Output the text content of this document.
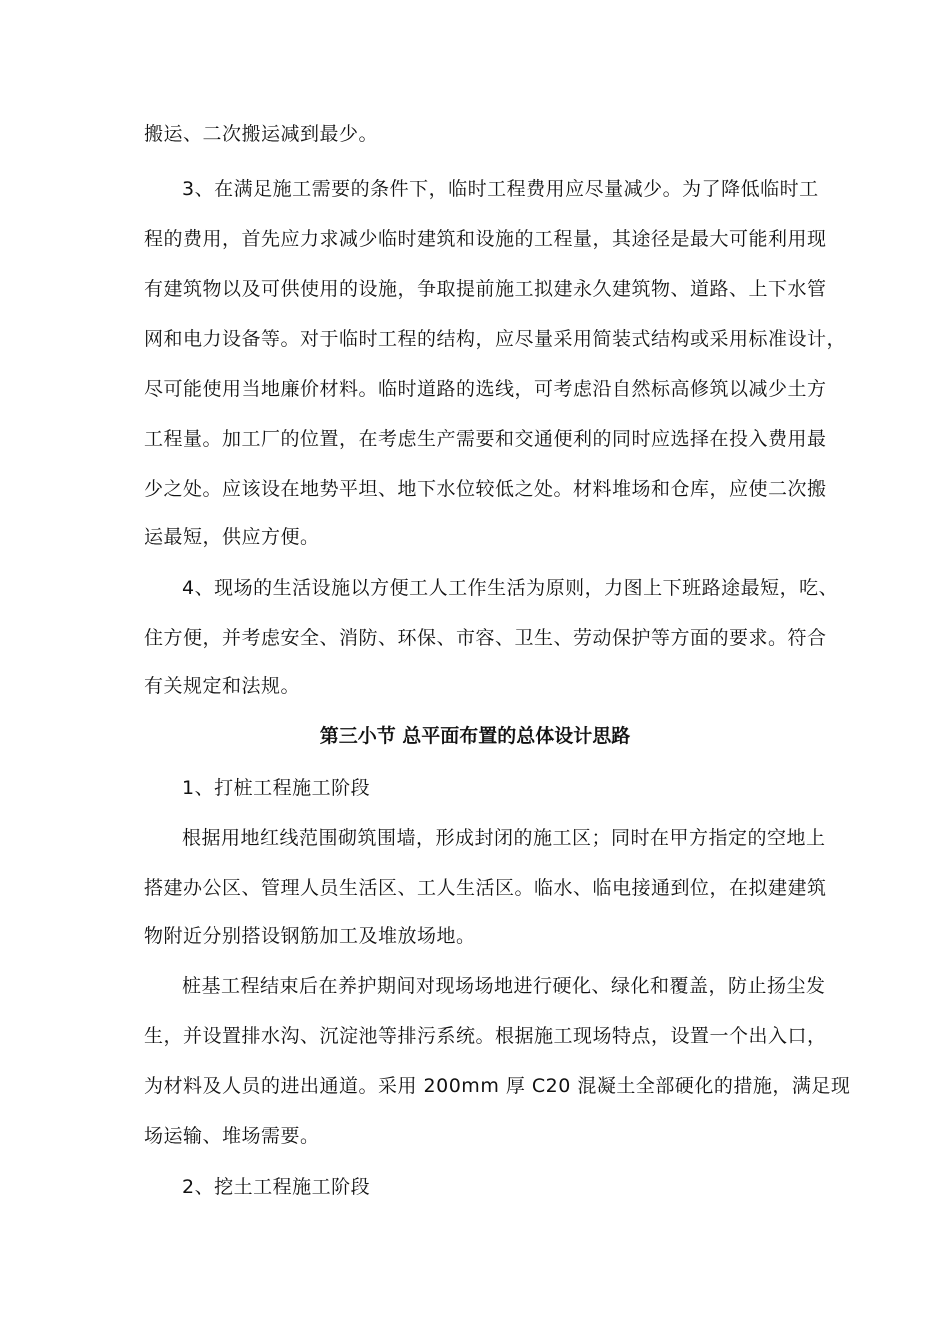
搬运、二次搬运减到最少。
3、在满足施工需要的条件下，临时工程费用应尽量减少。为了降低临时工
程的费用，首先应力求减少临时建筑和设施的工程量，其途径是最大可能利用现
有建筑物以及可供使用的设施，争取提前施工拟建永久建筑物、道路、上下水管
网和电力设备等。对于临时工程的结构，应尽量采用简装式结构或采用标准设计，
尽可能使用当地廉价材料。临时道路的选线，可考虑沿自然标高修筑以减少土方
工程量。加工厂的位置，在考虑生产需要和交通便利的同时应选择在投入费用最
少之处。应该设在地势平坦、地下水位较低之处。材料堆场和仓库，应使二次搬
运最短，供应方便。
4、现场的生活设施以方便工人工作生活为原则，力图上下班路途最短，吃、
住方便，并考虑安全、消防、环保、市容、卫生、劳动保护等方面的要求。符合
有关规定和法规。
第三小节 总平面布置的总体设计思路
1、打桩工程施工阶段
根据用地红线范围砌筑围墙，形成封闭的施工区；同时在甲方指定的空地上
搭建办公区、管理人员生活区、工人生活区。临水、临电接通到位，在拟建建筑
物附近分别搭设钢筋加工及堆放场地。
桩基工程结束后在养护期间对现场场地进行硬化、绿化和覆盖，防止扬尘发
生，并设置排水沟、沉淀池等排污系统。根据施工现场特点，设置一个出入口，
为材料及人员的进出通道。采用 200mm 厚 C20 混凝土全部硬化的措施，满足现
场运输、堆场需要。
2、挖土工程施工阶段
